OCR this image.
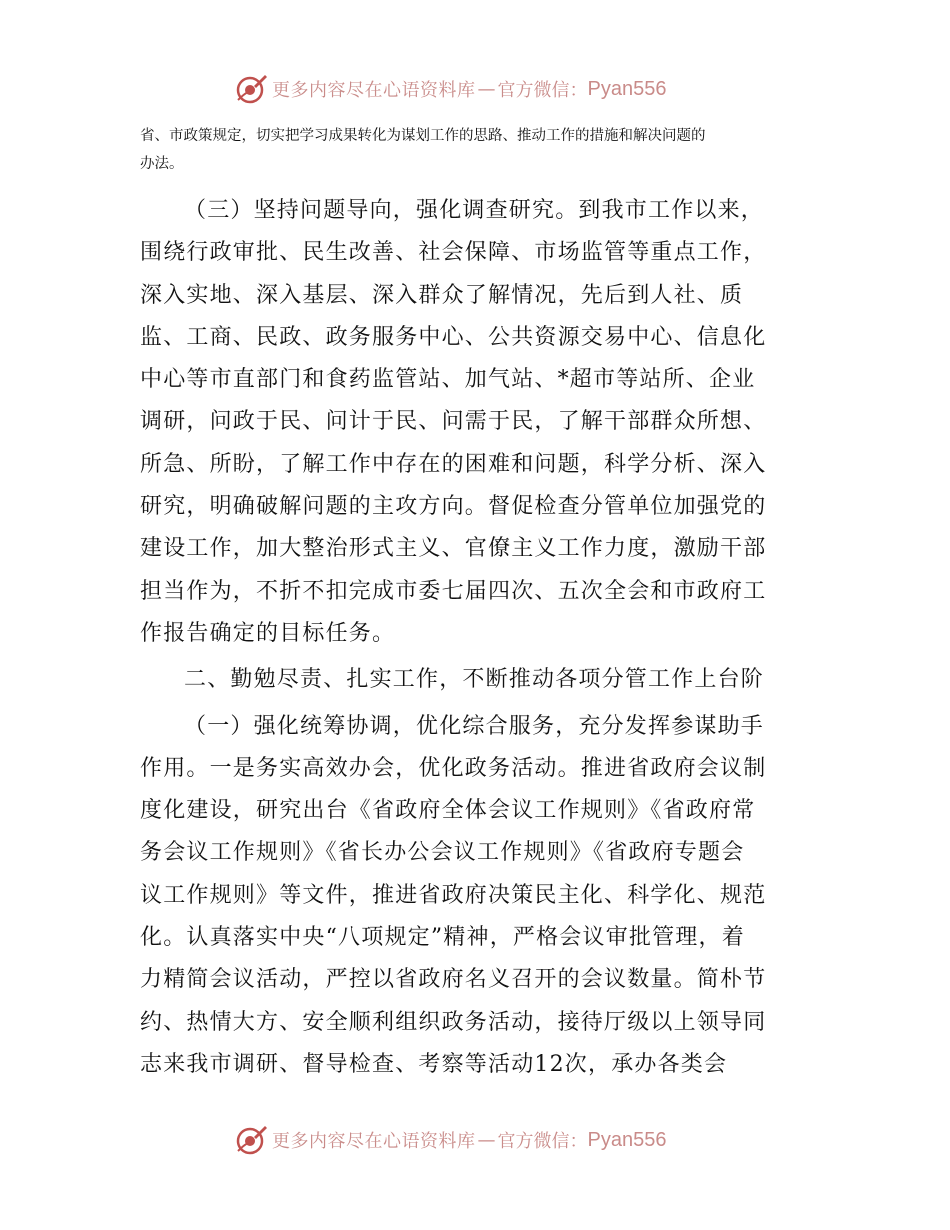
更多内容尽在心语资料库 — 官方微信： Pyan556

省、市政策规定，切实把学习成果转化为谋划工作的思路、推动工作的措施和解决问题的

办法。

（三）坚持问题导向，强化调查研究。到我市工作以来，
围绕行政审批、民生改善、社会保障、市场监管等重点工作，
深入实地、深入基层、深入群众了解情况，先后到人社、质
监、工商、民政、政务服务中心、公共资源交易中心、信息化
中心等市直部门和食药监管站、加气站、*超市等站所、企业
调研，问政于民、问计于民、问需于民，了解干部群众所想、
所急、所盼，了解工作中存在的困难和问题，科学分析、深入
研究，明确破解问题的主攻方向。督促检查分管单位加强党的
建设工作，加大整治形式主义、官僚主义工作力度，激励干部
担当作为，不折不扣完成市委七届四次、五次全会和市政府工
作报告确定的目标任务。
二、勤勉尽责、扎实工作，不断推动各项分管工作上台阶
（一）强化统筹协调，优化综合服务，充分发挥参谋助手
作用。一是务实高效办会，优化政务活动。推进省政府会议制
度化建设，研究出台《省政府全体会议工作规则》《省政府常
务会议工作规则》《省长办公会议工作规则》《省政府专题会
议工作规则》等文件，推进省政府决策民主化、科学化、规范
化。认真落实中央“八项规定”精神，严格会议审批管理，着
力精简会议活动，严控以省政府名义召开的会议数量。简朴节
约、热情大方、安全顺利组织政务活动，接待厅级以上领导同
志来我市调研、督导检查、考察等活动12次，承办各类会
更多内容尽在心语资料库 — 官方微信： Pyan556
